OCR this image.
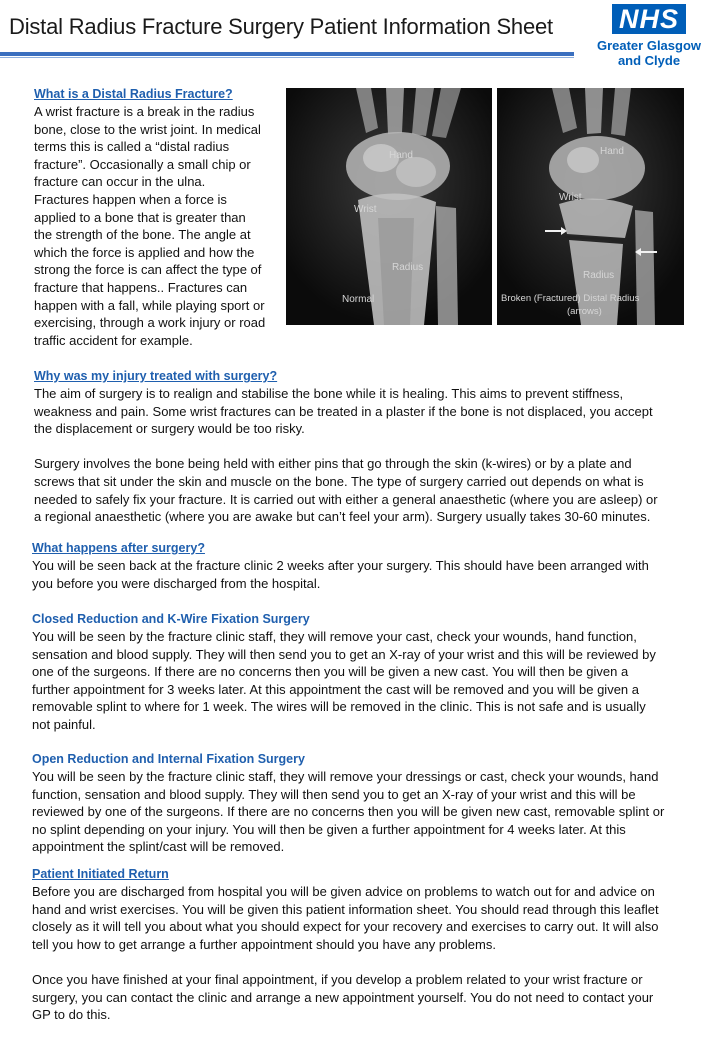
Distal Radius Fracture Surgery Patient Information Sheet	NHS
Greater Glasgow
and Clyde
What is a Distal Radius Fracture?
A wrist fracture is a break in the radius
bone, close to the wrist joint. In medical
terms this is called a “distal radius
fracture”. Occasionally a small chip or
fracture can occur in the ulna.
Fractures happen when a force is
applied to a bone that is greater than
the strength of the bone. The angle at
which the force is applied and how the
strong the force is can affect the type of
fracture that happens.. Fractures can
happen with a fall, while playing sport or
exercising, through a work injury or road
traffic accident for example.
Hand
Wrist
Radius
Normal
Hand
Wrist
Radius
Broken (Fractured) Distal Radius
(arrows)
Why was my injury treated with surgery?
The aim of surgery is to realign and stabilise the bone while it is healing. This aims to prevent stiffness,
weakness and pain. Some wrist fractures can be treated in a plaster if the bone is not displaced, you accept
the displacement or surgery would be too risky.
Surgery involves the bone being held with either pins that go through the skin (k-wires) or by a plate and
screws that sit under the skin and muscle on the bone. The type of surgery carried out depends on what is
needed to safely fix your fracture. It is carried out with either a general anaesthetic (where you are asleep) or
a regional anaesthetic (where you are awake but can’t feel your arm). Surgery usually takes 30-60 minutes.
What happens after surgery?
You will be seen back at the fracture clinic 2 weeks after your surgery. This should have been arranged with
you before you were discharged from the hospital.
Closed Reduction and K-Wire Fixation Surgery
You will be seen by the fracture clinic staff, they will remove your cast, check your wounds, hand function,
sensation and blood supply. They will then send you to get an X-ray of your wrist and this will be reviewed by
one of the surgeons. If there are no concerns then you will be given a new cast. You will then be given a
further appointment for 3 weeks later. At this appointment the cast will be removed and you will be given a
removable splint to where for 1 week. The wires will be removed in the clinic. This is not safe and is usually
not painful.
Open Reduction and Internal Fixation Surgery
You will be seen by the fracture clinic staff, they will remove your dressings or cast, check your wounds, hand
function, sensation and blood supply. They will then send you to get an X-ray of your wrist and this will be
reviewed by one of the surgeons. If there are no concerns then you will be given new cast, removable splint or
no splint depending on your injury. You will then be given a further appointment for 4 weeks later. At this
appointment the splint/cast will be removed.
Patient Initiated Return
Before you are discharged from hospital you will be given advice on problems to watch out for and advice on
hand and wrist exercises. You will be given this patient information sheet. You should read through this leaflet
closely as it will tell you about what you should expect for your recovery and exercises to carry out. It will also
tell you how to get arrange a further appointment should you have any problems.
Once you have finished at your final appointment, if you develop a problem related to your wrist fracture or
surgery, you can contact the clinic and arrange a new appointment yourself. You do not need to contact your
GP to do this.
